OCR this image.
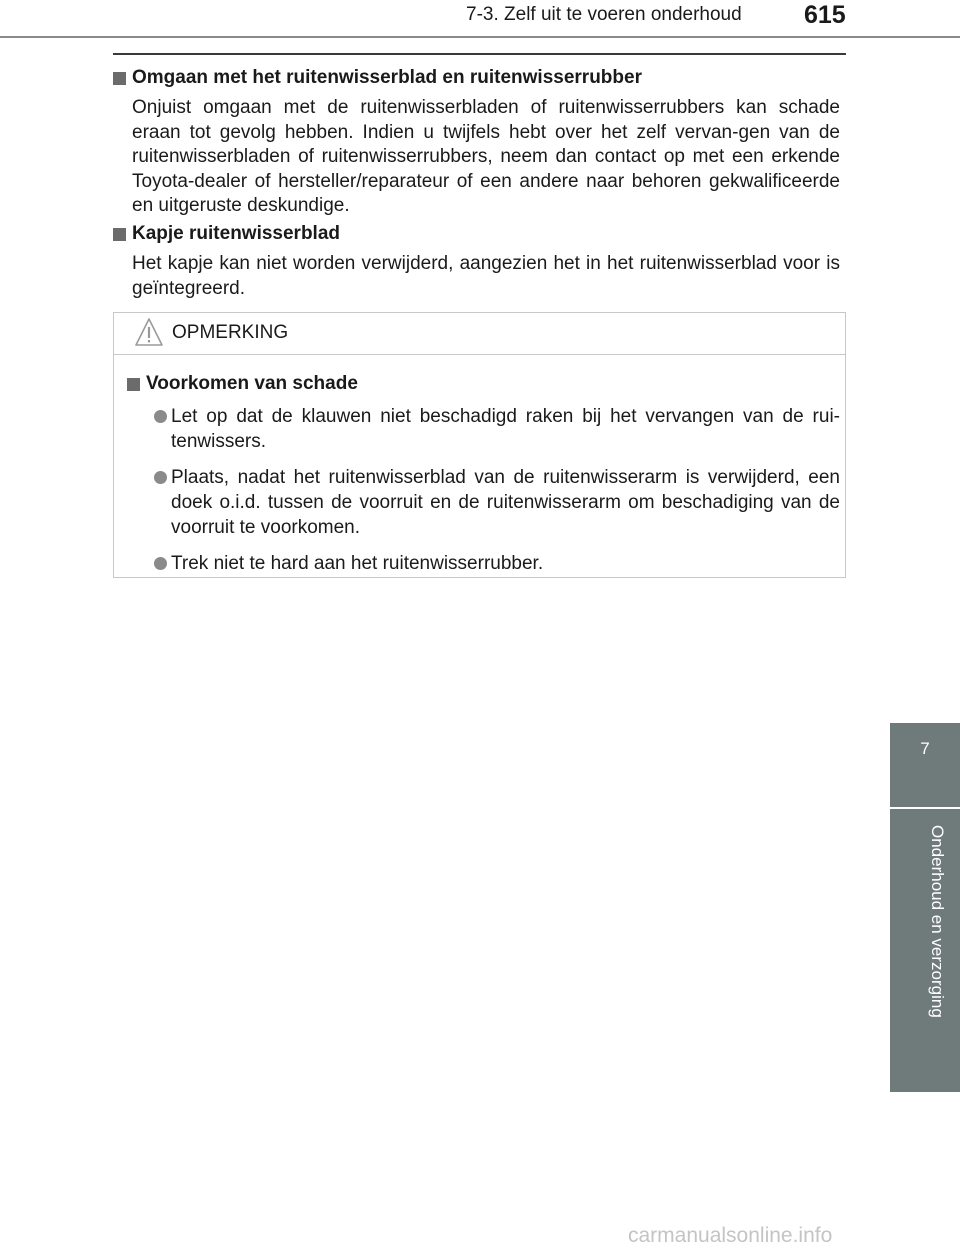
7-3. Zelf uit te voeren onderhoud 615
Omgaan met het ruitenwisserblad en ruitenwisserrubber
Onjuist omgaan met de ruitenwisserbladen of ruitenwisserrubbers kan schade eraan tot gevolg hebben. Indien u twijfels hebt over het zelf vervan-gen van de ruitenwisserbladen of ruitenwisserrubbers, neem dan contact op met een erkende Toyota-dealer of hersteller/reparateur of een andere naar behoren gekwalificeerde en uitgeruste deskundige.
Kapje ruitenwisserblad
Het kapje kan niet worden verwijderd, aangezien het in het ruitenwisserblad voor is geïntegreerd.
OPMERKING
Voorkomen van schade
Let op dat de klauwen niet beschadigd raken bij het vervangen van de rui-tenwissers.
Plaats, nadat het ruitenwisserblad van de ruitenwisserarm is verwijderd, een doek o.i.d. tussen de voorruit en de ruitenwisserarm om beschadiging van de voorruit te voorkomen.
Trek niet te hard aan het ruitenwisserrubber.
7
Onderhoud en verzorging
carmanualsonline.info
